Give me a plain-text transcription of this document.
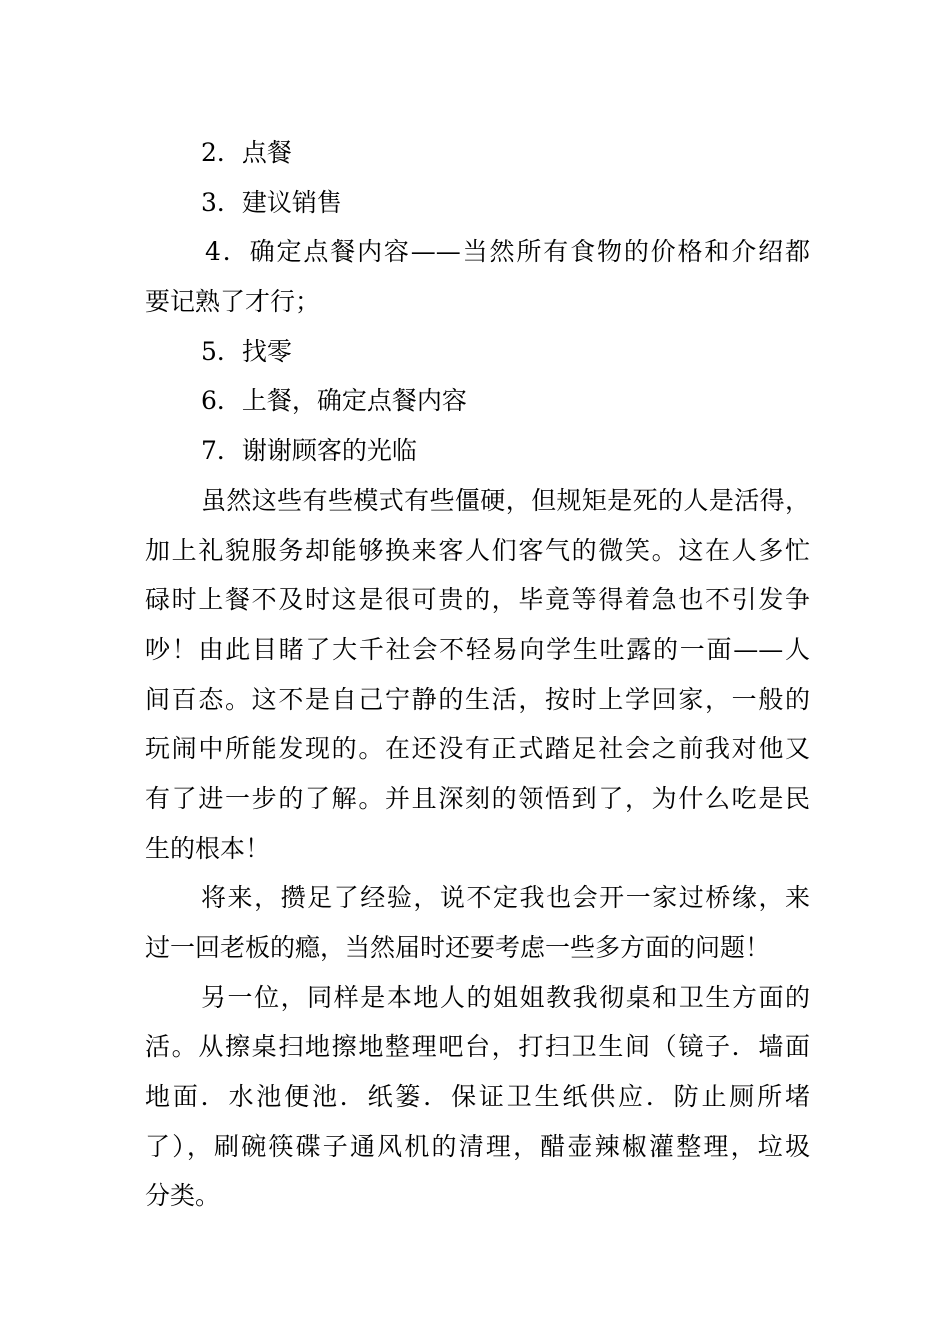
2．点餐

3．建议销售

4．确定点餐内容——当然所有食物的价格和介绍都

要记熟了才行；

5．找零

6．上餐，确定点餐内容

7．谢谢顾客的光临

虽然这些有些模式有些僵硬，但规矩是死的人是活得，

加上礼貌服务却能够换来客人们客气的微笑。这在人多忙

碌时上餐不及时这是很可贵的，毕竟等得着急也不引发争

吵！由此目睹了大千社会不轻易向学生吐露的一面——人

间百态。这不是自己宁静的生活，按时上学回家，一般的

玩闹中所能发现的。在还没有正式踏足社会之前我对他又

有了进一步的了解。并且深刻的领悟到了，为什么吃是民

生的根本！

将来，攒足了经验，说不定我也会开一家过桥缘，来

过一回老板的瘾，当然届时还要考虑一些多方面的问题！

另一位，同样是本地人的姐姐教我彻桌和卫生方面的

活。从擦桌扫地擦地整理吧台，打扫卫生间（镜子．墙面

地面．水池便池．纸篓．保证卫生纸供应．防止厕所堵

了），刷碗筷碟子通风机的清理，醋壶辣椒灌整理，垃圾

分类。
